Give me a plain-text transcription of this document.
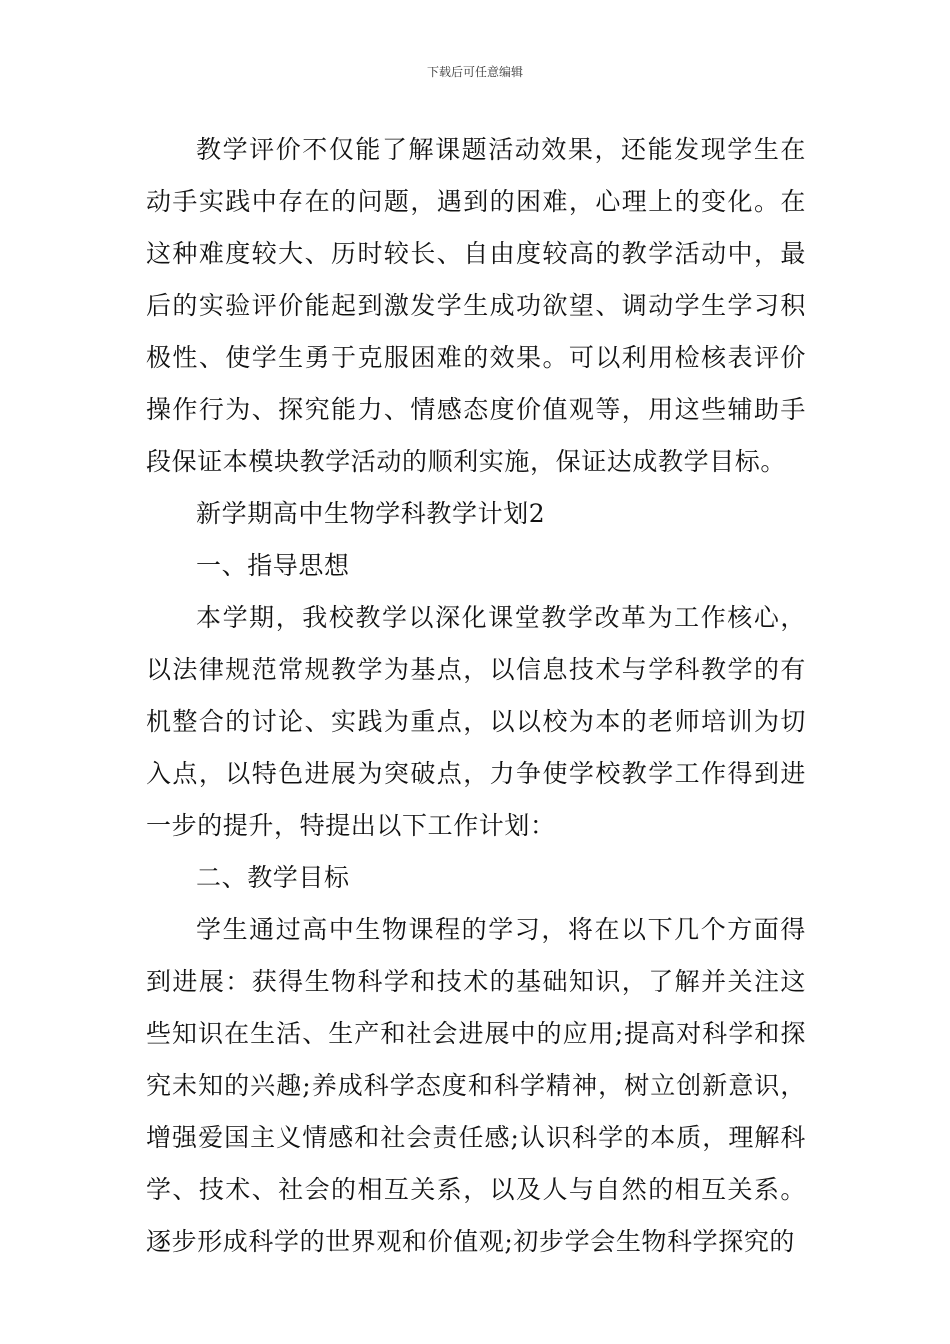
下载后可任意编辑

教学评价不仅能了解课题活动效果，还能发现学生在动手实践中存在的问题，遇到的困难，心理上的变化。在这种难度较大、历时较长、自由度较高的教学活动中，最后的实验评价能起到激发学生成功欲望、调动学生学习积极性、使学生勇于克服困难的效果。可以利用检核表评价操作行为、探究能力、情感态度价值观等，用这些辅助手段保证本模块教学活动的顺利实施，保证达成教学目标。

新学期高中生物学科教学计划2

一、指导思想

本学期，我校教学以深化课堂教学改革为工作核心，以法律规范常规教学为基点，以信息技术与学科教学的有机整合的讨论、实践为重点，以以校为本的老师培训为切入点，以特色进展为突破点，力争使学校教学工作得到进一步的提升，特提出以下工作计划：

二、教学目标

学生通过高中生物课程的学习，将在以下几个方面得到进展：获得生物科学和技术的基础知识，了解并关注这些知识在生活、生产和社会进展中的应用;提高对科学和探究未知的兴趣;养成科学态度和科学精神，树立创新意识，增强爱国主义情感和社会责任感;认识科学的本质，理解科学、技术、社会的相互关系，以及人与自然的相互关系。逐步形成科学的世界观和价值观;初步学会生物科学探究的
